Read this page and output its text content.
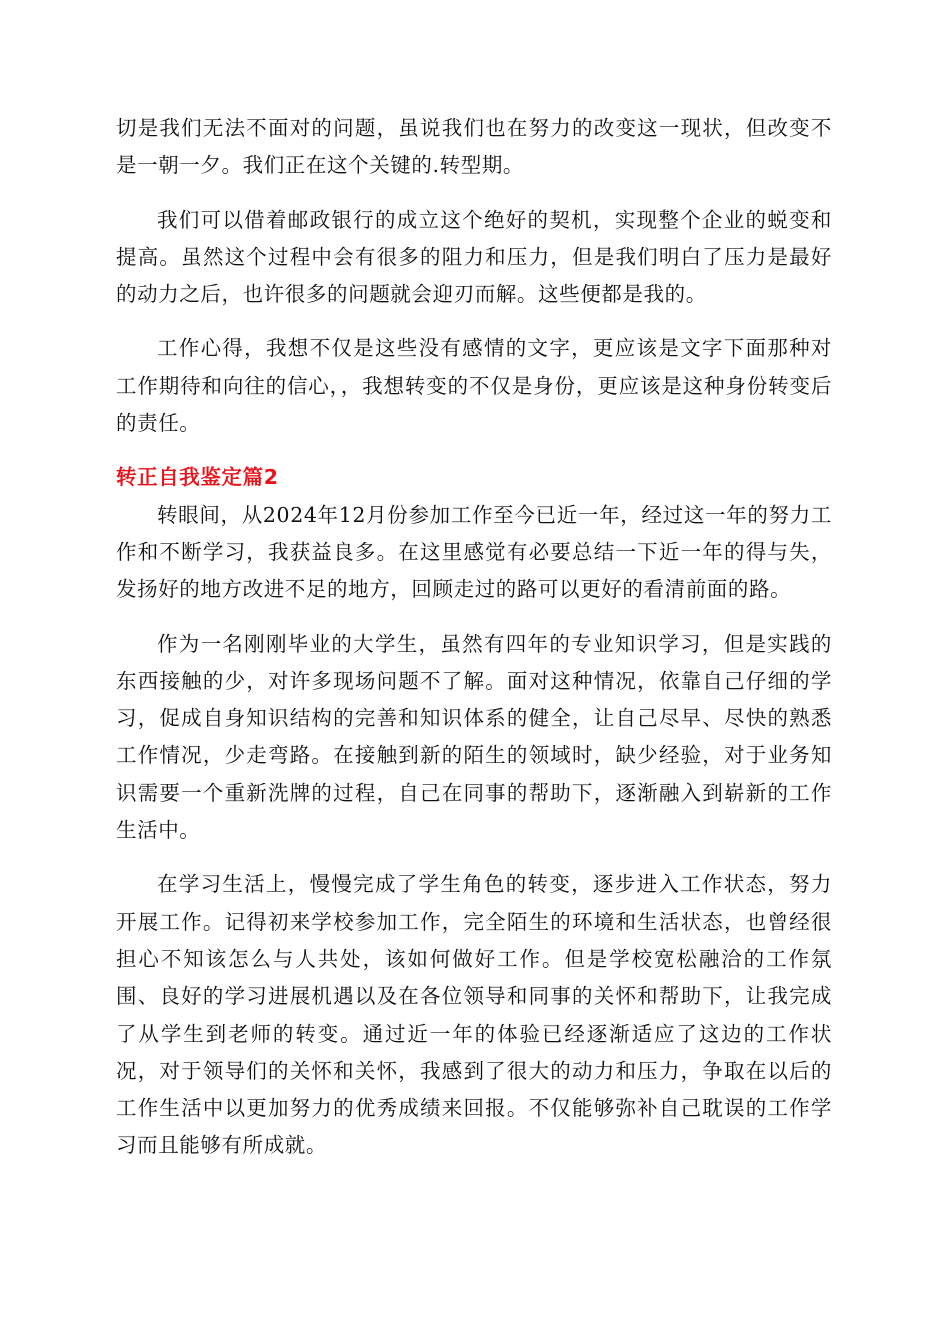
切是我们无法不面对的问题，虽说我们也在努力的改变这一现状，但改变不是一朝一夕。我们正在这个关键的.转型期。

我们可以借着邮政银行的成立这个绝好的契机，实现整个企业的蜕变和提高。虽然这个过程中会有很多的阻力和压力，但是我们明白了压力是最好的动力之后，也许很多的问题就会迎刃而解。这些便都是我的。

工作心得，我想不仅是这些没有感情的文字，更应该是文字下面那种对工作期待和向往的信心，，我想转变的不仅是身份，更应该是这种身份转变后的责任。

转正自我鉴定篇2

转眼间，从2024年12月份参加工作至今已近一年，经过这一年的努力工作和不断学习，我获益良多。在这里感觉有必要总结一下近一年的得与失，发扬好的地方改进不足的地方，回顾走过的路可以更好的看清前面的路。

作为一名刚刚毕业的大学生，虽然有四年的专业知识学习，但是实践的东西接触的少，对许多现场问题不了解。面对这种情况，依靠自己仔细的学习，促成自身知识结构的完善和知识体系的健全，让自己尽早、尽快的熟悉工作情况，少走弯路。在接触到新的陌生的领域时，缺少经验，对于业务知识需要一个重新洗牌的过程，自己在同事的帮助下，逐渐融入到崭新的工作生活中。

在学习生活上，慢慢完成了学生角色的转变，逐步进入工作状态，努力开展工作。记得初来学校参加工作，完全陌生的环境和生活状态，也曾经很担心不知该怎么与人共处，该如何做好工作。但是学校宽松融洽的工作氛围、良好的学习进展机遇以及在各位领导和同事的关怀和帮助下，让我完成了从学生到老师的转变。通过近一年的体验已经逐渐适应了这边的工作状况，对于领导们的关怀和关怀，我感到了很大的动力和压力，争取在以后的工作生活中以更加努力的优秀成绩来回报。不仅能够弥补自己耽误的工作学习而且能够有所成就。
